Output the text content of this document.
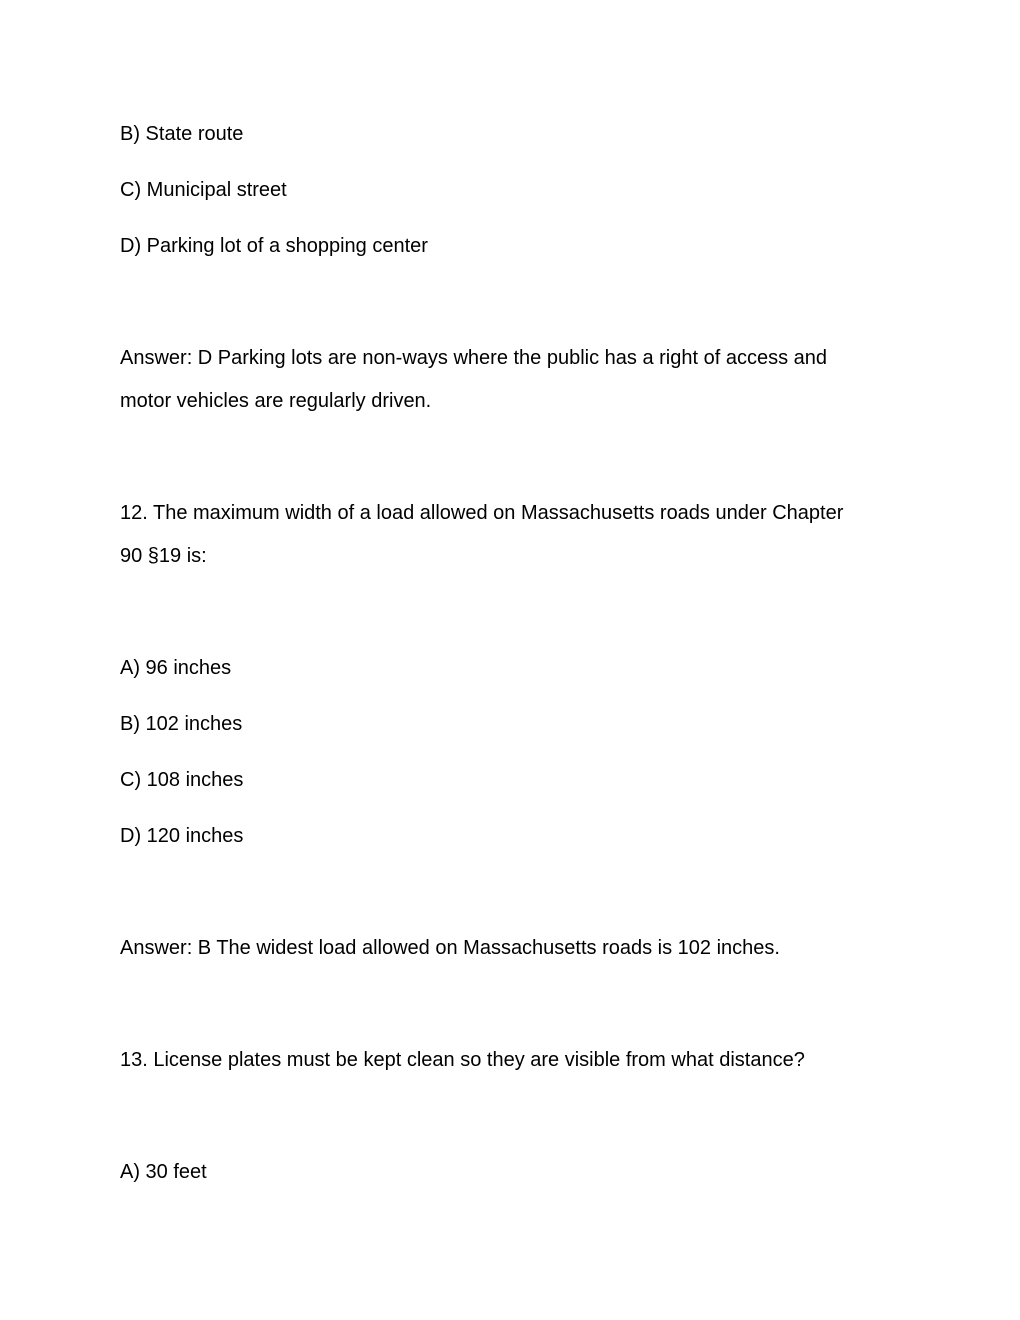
B) State route

C) Municipal street

D) Parking lot of a shopping center

Answer: D Parking lots are non-ways where the public has a right of access and

motor vehicles are regularly driven.

12. The maximum width of a load allowed on Massachusetts roads under Chapter

90 §19 is:

A) 96 inches

B) 102 inches

C) 108 inches

D) 120 inches

Answer: B The widest load allowed on Massachusetts roads is 102 inches.

13. License plates must be kept clean so they are visible from what distance?

A) 30 feet
